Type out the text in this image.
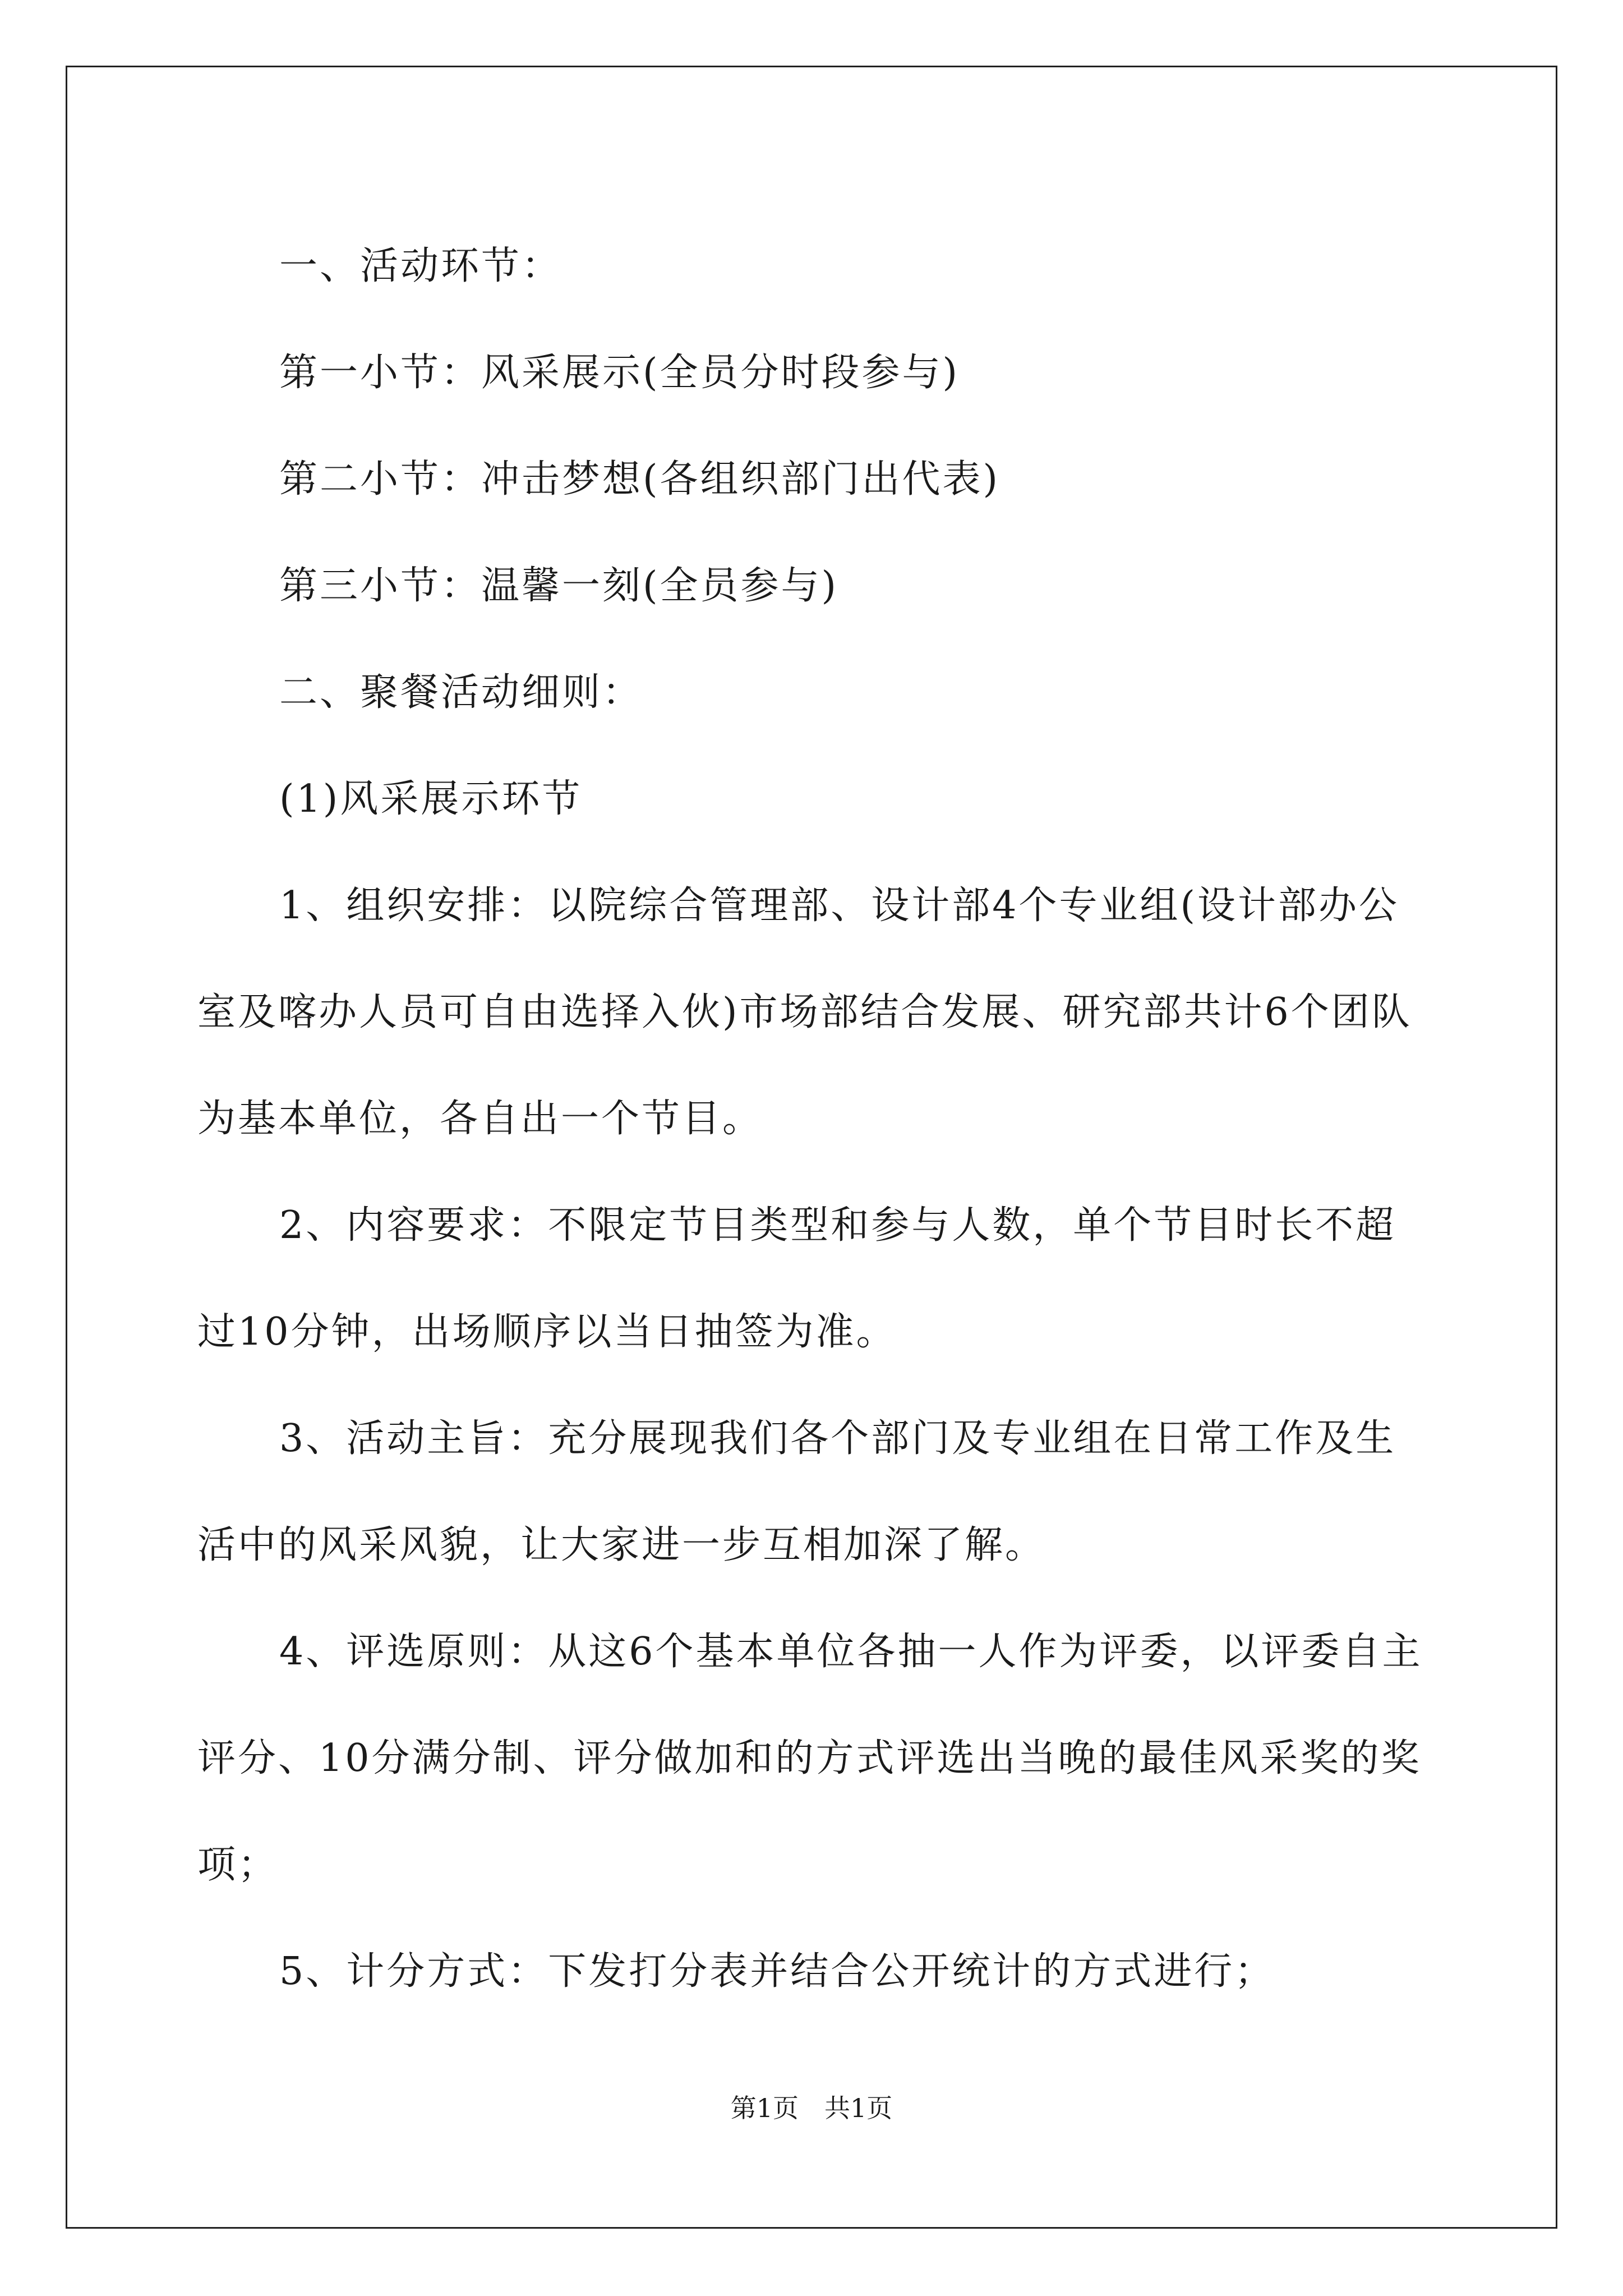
一、活动环节：

第一小节：风采展示(全员分时段参与)

第二小节：冲击梦想(各组织部门出代表)

第三小节：温馨一刻(全员参与)

二、聚餐活动细则：

(1)风采展示环节

1、组织安排：以院综合管理部、设计部4个专业组(设计部办公室及喀办人员可自由选择入伙)市场部结合发展、研究部共计6个团队为基本单位，各自出一个节目。

2、内容要求：不限定节目类型和参与人数，单个节目时长不超过10分钟，出场顺序以当日抽签为准。

3、活动主旨：充分展现我们各个部门及专业组在日常工作及生活中的风采风貌，让大家进一步互相加深了解。

4、评选原则：从这6个基本单位各抽一人作为评委，以评委自主评分、10分满分制、评分做加和的方式评选出当晚的最佳风采奖的奖项；

5、计分方式：下发打分表并结合公开统计的方式进行；

第1页　共1页
